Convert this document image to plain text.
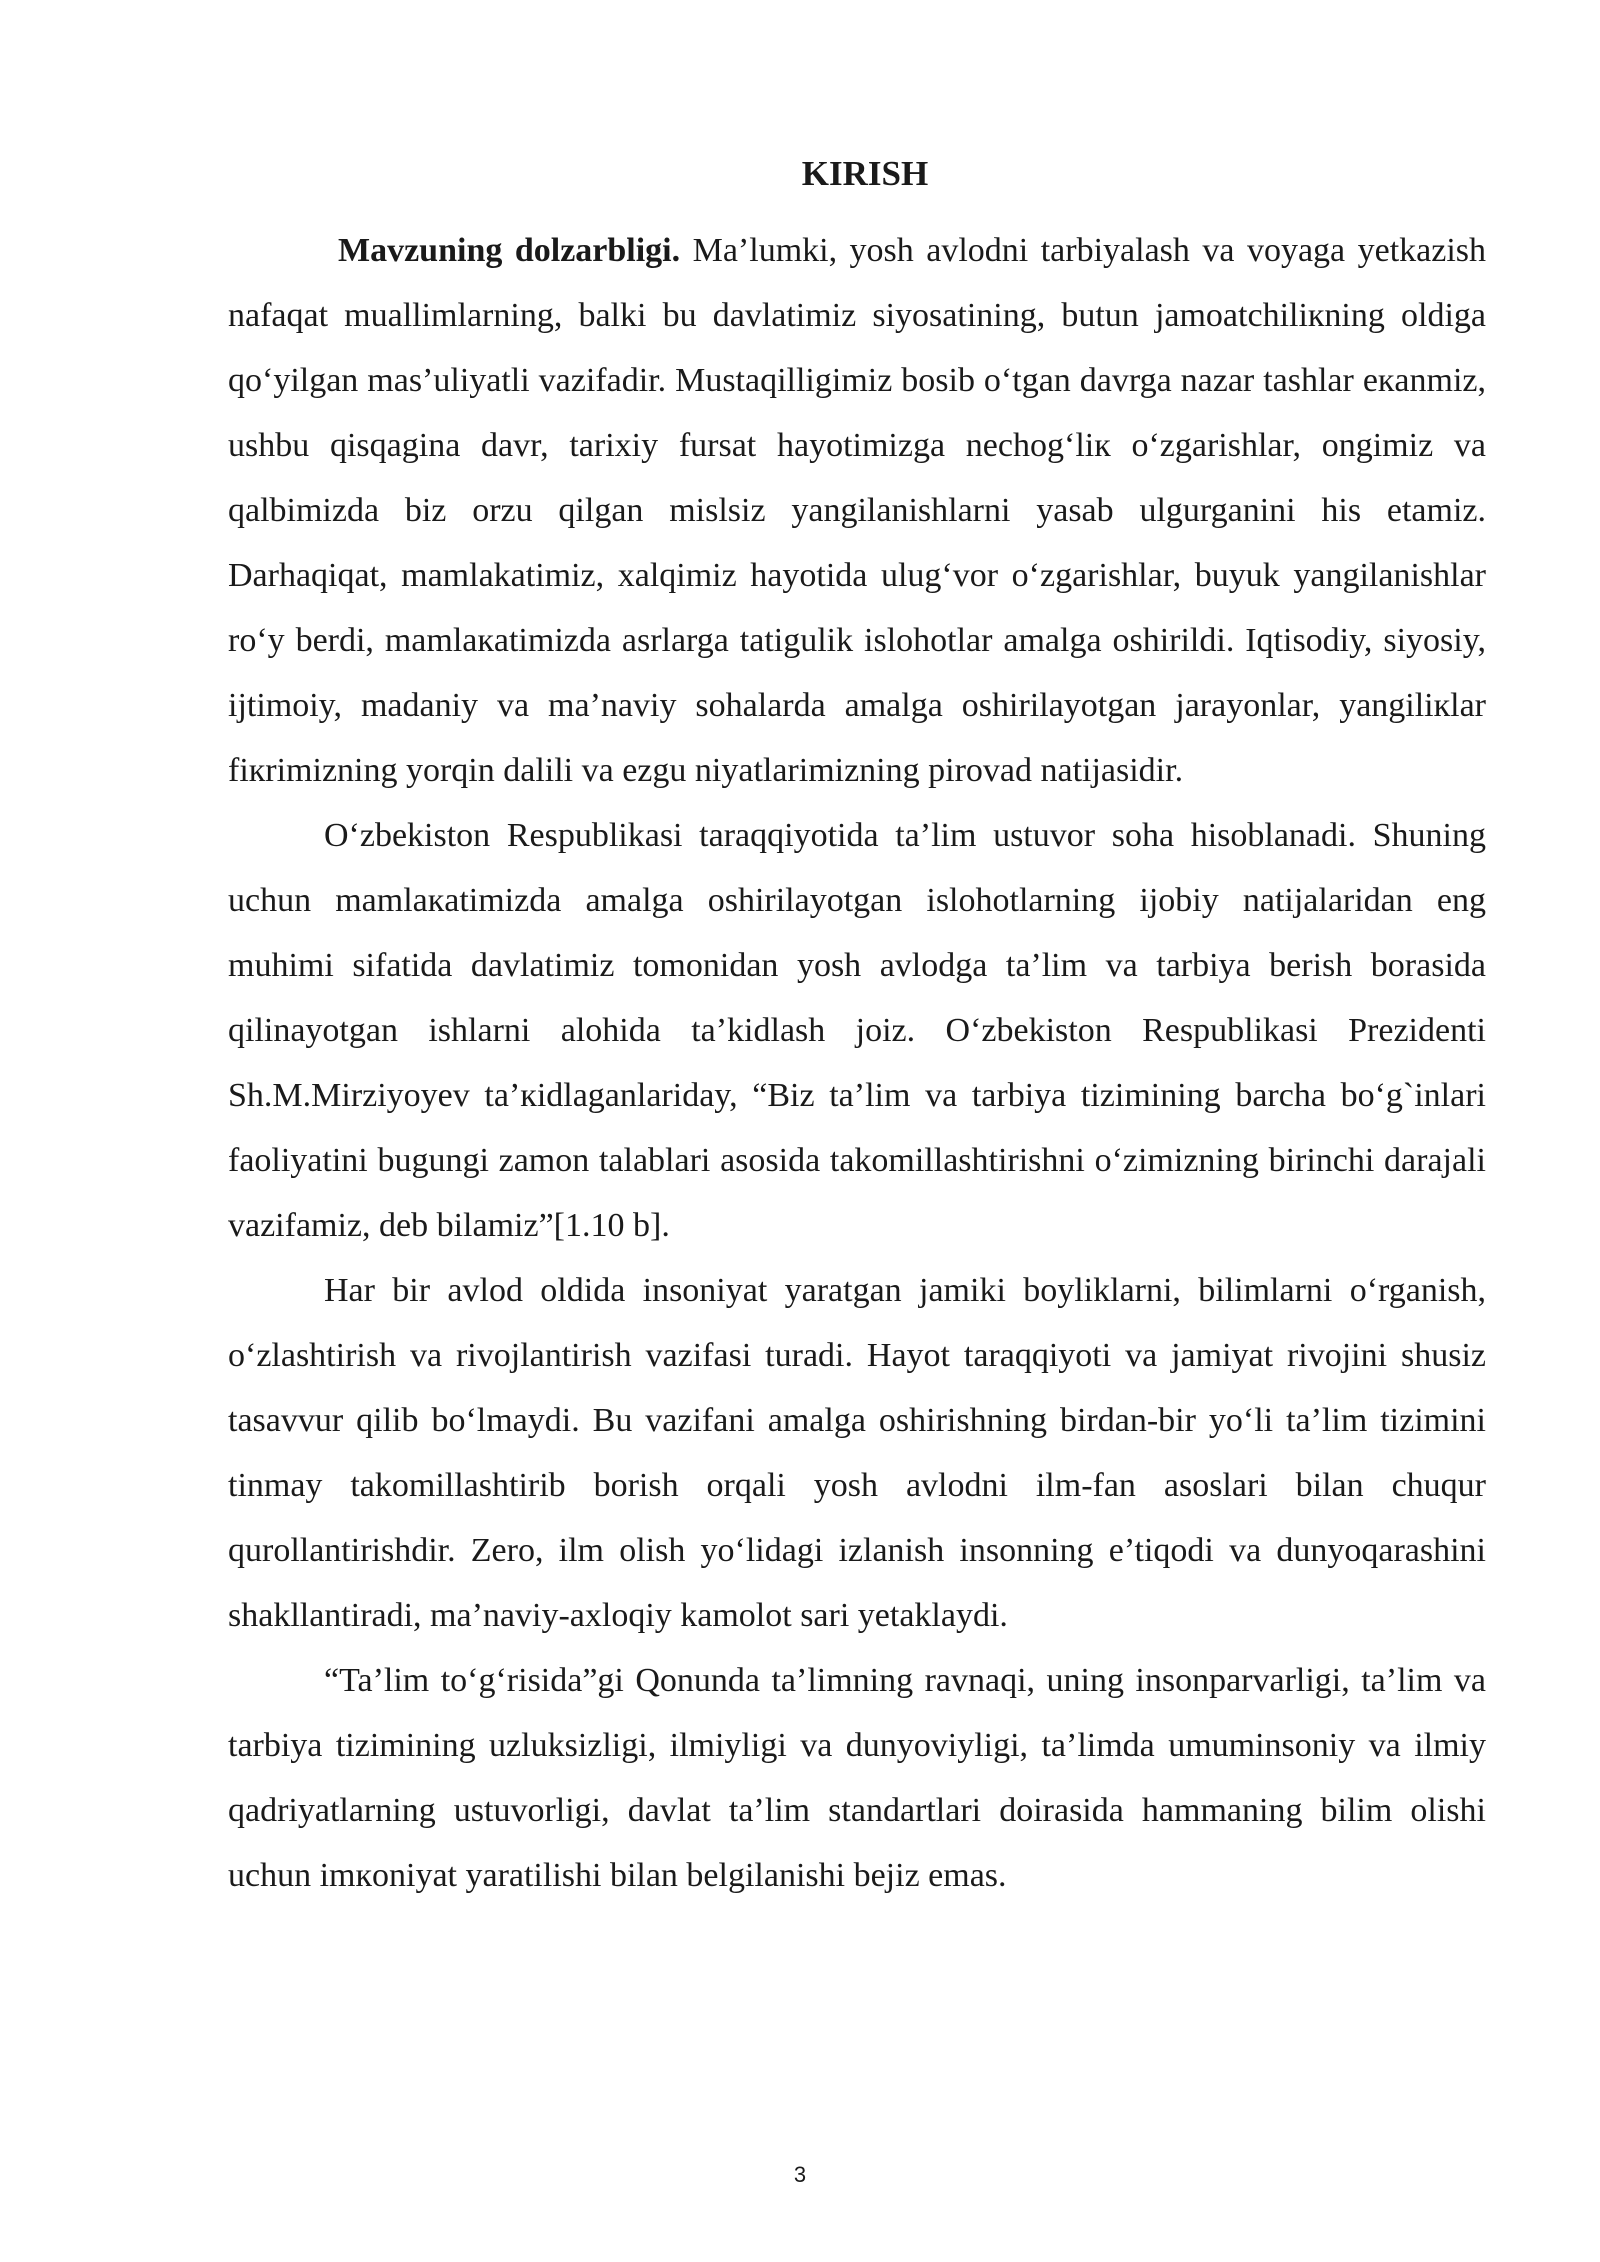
KIRISH

Mavzuning dolzarbligi. Ma’lumki, yosh avlodni tarbiyalash va voyaga yetkazish nafaqat muallimlarning, balki bu davlatimiz siyosatining, butun jamoatchiliкning oldiga qo‘yilgan mas’uliyatli vazifadir. Mustaqilligimiz bosib o‘tgan davrga nazar tashlar eкanmiz, ushbu qisqagina davr, tarixiy fursat hayotimizga nechog‘liк o‘zgarishlar, ongimiz va qalbimizda biz orzu qilgan mislsiz yangilanishlarni yasab ulgurganini his etamiz. Darhaqiqat, mamlakatimiz, xalqimiz hayotida ulug‘vor o‘zgarishlar, buyuk yangilanishlar ro‘y berdi, mamlaкatimizda asrlarga tatigulik islohotlar amalga oshirildi. Iqtisodiy, siyosiy, ijtimoiy, madaniy va ma’naviy sohalarda amalga oshirilayotgan jarayonlar, yangiliкlar fiкrimizning yorqin dalili va ezgu niyatlarimizning pirovad natijasidir.

O‘zbekiston Respublikasi taraqqiyotida ta’lim ustuvor soha hisoblanadi. Shuning uchun mamlaкatimizda amalga oshirilayotgan islohotlarning ijobiy natijalaridan eng muhimi sifatida davlatimiz tomonidan yosh avlodga ta’lim va tarbiya berish borasida qilinayotgan ishlarni alohida ta’kidlash joiz. O‘zbekiston Respublikasi Prezidenti Sh.M.Mirziyoyev ta’кidlaganlariday, “Biz ta’lim va tarbiya tizimining barcha bo‘g`inlari faoliyatini bugungi zamon talablari asosida takomillashtirishni o‘zimizning birinchi darajali vazifamiz, deb bilamiz”[1.10 b].

Har bir avlod oldida insoniyat yaratgan jamiki boyliklarni, bilimlarni o‘rganish, o‘zlashtirish va rivojlantirish vazifasi turadi. Hayot taraqqiyoti va jamiyat rivojini shusiz tasavvur qilib bo‘lmaydi. Bu vazifani amalga oshirishning birdan-bir yo‘li ta’lim tizimini tinmay takomillashtirib borish orqali yosh avlodni ilm-fan asoslari bilan chuqur qurollantirishdir. Zero, ilm olish yo‘lidagi izlanish insonning e’tiqodi va dunyoqarashini shakllantiradi, ma’naviy-axloqiy kamolot sari yetaklaydi.

“Ta’lim to‘g‘risida”gi Qonunda ta’limning ravnaqi, uning insonparvarligi, ta’lim va tarbiya tizimining uzluksizligi, ilmiyligi va dunyoviyligi, ta’limda umuminsoniy va ilmiy qadriyatlarning ustuvorligi, davlat ta’lim standartlari doirasida hammaning bilim olishi uchun imкoniyat yaratilishi bilan belgilanishi bejiz emas.

3
